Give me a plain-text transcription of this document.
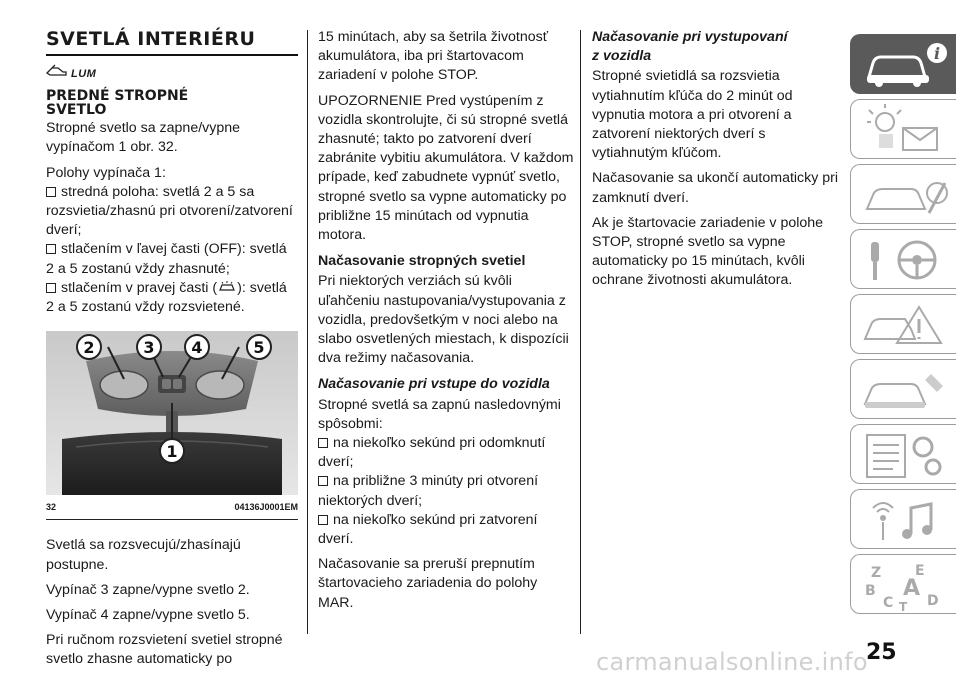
SVETLÁ INTERIÉRU
LUM
PREDNÉ STROPNÉ
SVETLO

Stropné svetlo sa zapne/vypne vypínačom 1 obr. 32.

Polohy vypínača 1:

stredná poloha: svetlá 2 a 5 sa rozsvietia/zhasnú pri otvorení/zatvorení dverí;

stlačením v ľavej časti (OFF): svetlá 2 a 5 zostanú vždy zhasnuté;

stlačením v pravej časti ( ): svetlá 2 a 5 zostanú vždy rozsvietené.

2	3 4	5
1
32	04136J0001EM

Svetlá sa rozsvecujú/zhasínajú postupne.

Vypínač 3 zapne/vypne svetlo 2.

Vypínač 4 zapne/vypne svetlo 5.

Pri ručnom rozsvietení svetiel stropné svetlo zhasne automaticky po

15 minútach, aby sa šetrila životnosť akumulátora, iba pri štartovacom zariadení v polohe STOP.

UPOZORNENIE Pred vystúpením z vozidla skontrolujte, či sú stropné svetlá zhasnuté; takto po zatvorení dverí zabránite vybitiu akumulátora. V každom prípade, keď zabudnete vypnúť svetlo, stropné svetlo sa vypne automaticky po približne 15 minútach od vypnutia motora.

Načasovanie stropných svetiel

Pri niektorých verziách sú kvôli uľahčeniu nastupovania/vystupovania z vozidla, predovšetkým v noci alebo na slabo osvetlených miestach, k dispozícii dva režimy načasovania.

Načasovanie pri vstupe do vozidla

Stropné svetlá sa zapnú nasledovnými spôsobmi:

na niekoľko sekúnd pri odomknutí dverí;

na približne 3 minúty pri otvorení niektorých dverí;

na niekoľko sekúnd pri zatvorení dverí.

Načasovanie sa preruší prepnutím štartovacieho zariadenia do polohy MAR.

Načasovanie pri vystupovaní
z vozidla

Stropné svietidlá sa rozsvietia vytiahnutím kľúča do 2 minút od vypnutia motora a pri otvorení a zatvorení niektorých dverí s vytiahnutým kľúčom.

Načasovanie sa ukončí automaticky pri zamknutí dverí.

Ak je štartovacie zariadenie v polohe STOP, stropné svetlo sa vypne automaticky po 15 minútach, kvôli ochrane životnosti akumulátora.

i
Z E
B A
C D
T
25
carmanualsonline.info
